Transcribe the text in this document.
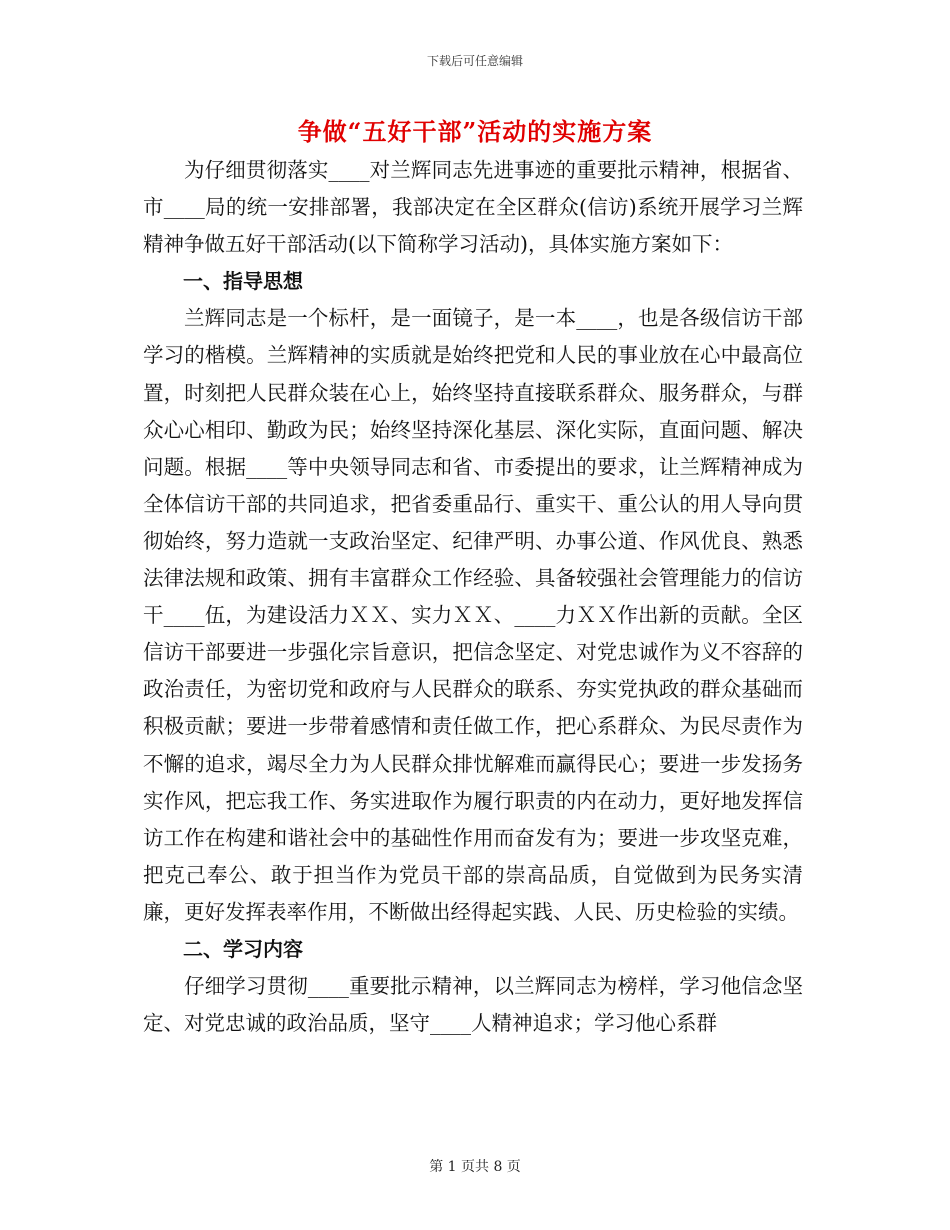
下载后可任意编辑
争做“五好干部”活动的实施方案

为仔细贯彻落实____对兰辉同志先进事迹的重要批示精神，根据省、市____局的统一安排部署，我部决定在全区群众(信访)系统开展学习兰辉精神争做五好干部活动(以下简称学习活动)，具体实施方案如下：

一、指导思想

兰辉同志是一个标杆，是一面镜子，是一本____，也是各级信访干部学习的楷模。兰辉精神的实质就是始终把党和人民的事业放在心中最高位置，时刻把人民群众装在心上，始终坚持直接联系群众、服务群众，与群众心心相印、勤政为民；始终坚持深化基层、深化实际，直面问题、解决问题。根据____等中央领导同志和省、市委提出的要求，让兰辉精神成为全体信访干部的共同追求，把省委重品行、重实干、重公认的用人导向贯彻始终，努力造就一支政治坚定、纪律严明、办事公道、作风优良、熟悉法律法规和政策、拥有丰富群众工作经验、具备较强社会管理能力的信访干____伍，为建设活力ＸＸ、实力ＸＸ、____力ＸＸ作出新的贡献。全区信访干部要进一步强化宗旨意识，把信念坚定、对党忠诚作为义不容辞的政治责任，为密切党和政府与人民群众的联系、夯实党执政的群众基础而积极贡献；要进一步带着感情和责任做工作，把心系群众、为民尽责作为不懈的追求，竭尽全力为人民群众排忧解难而赢得民心；要进一步发扬务实作风，把忘我工作、务实进取作为履行职责的内在动力，更好地发挥信访工作在构建和谐社会中的基础性作用而奋发有为；要进一步攻坚克难，把克己奉公、敢于担当作为党员干部的崇高品质，自觉做到为民务实清廉，更好发挥表率作用，不断做出经得起实践、人民、历史检验的实绩。

二、学习内容

仔细学习贯彻____重要批示精神，以兰辉同志为榜样，学习他信念坚定、对党忠诚的政治品质，坚守____人精神追求；学习他心系群

第 1 页共 8 页
